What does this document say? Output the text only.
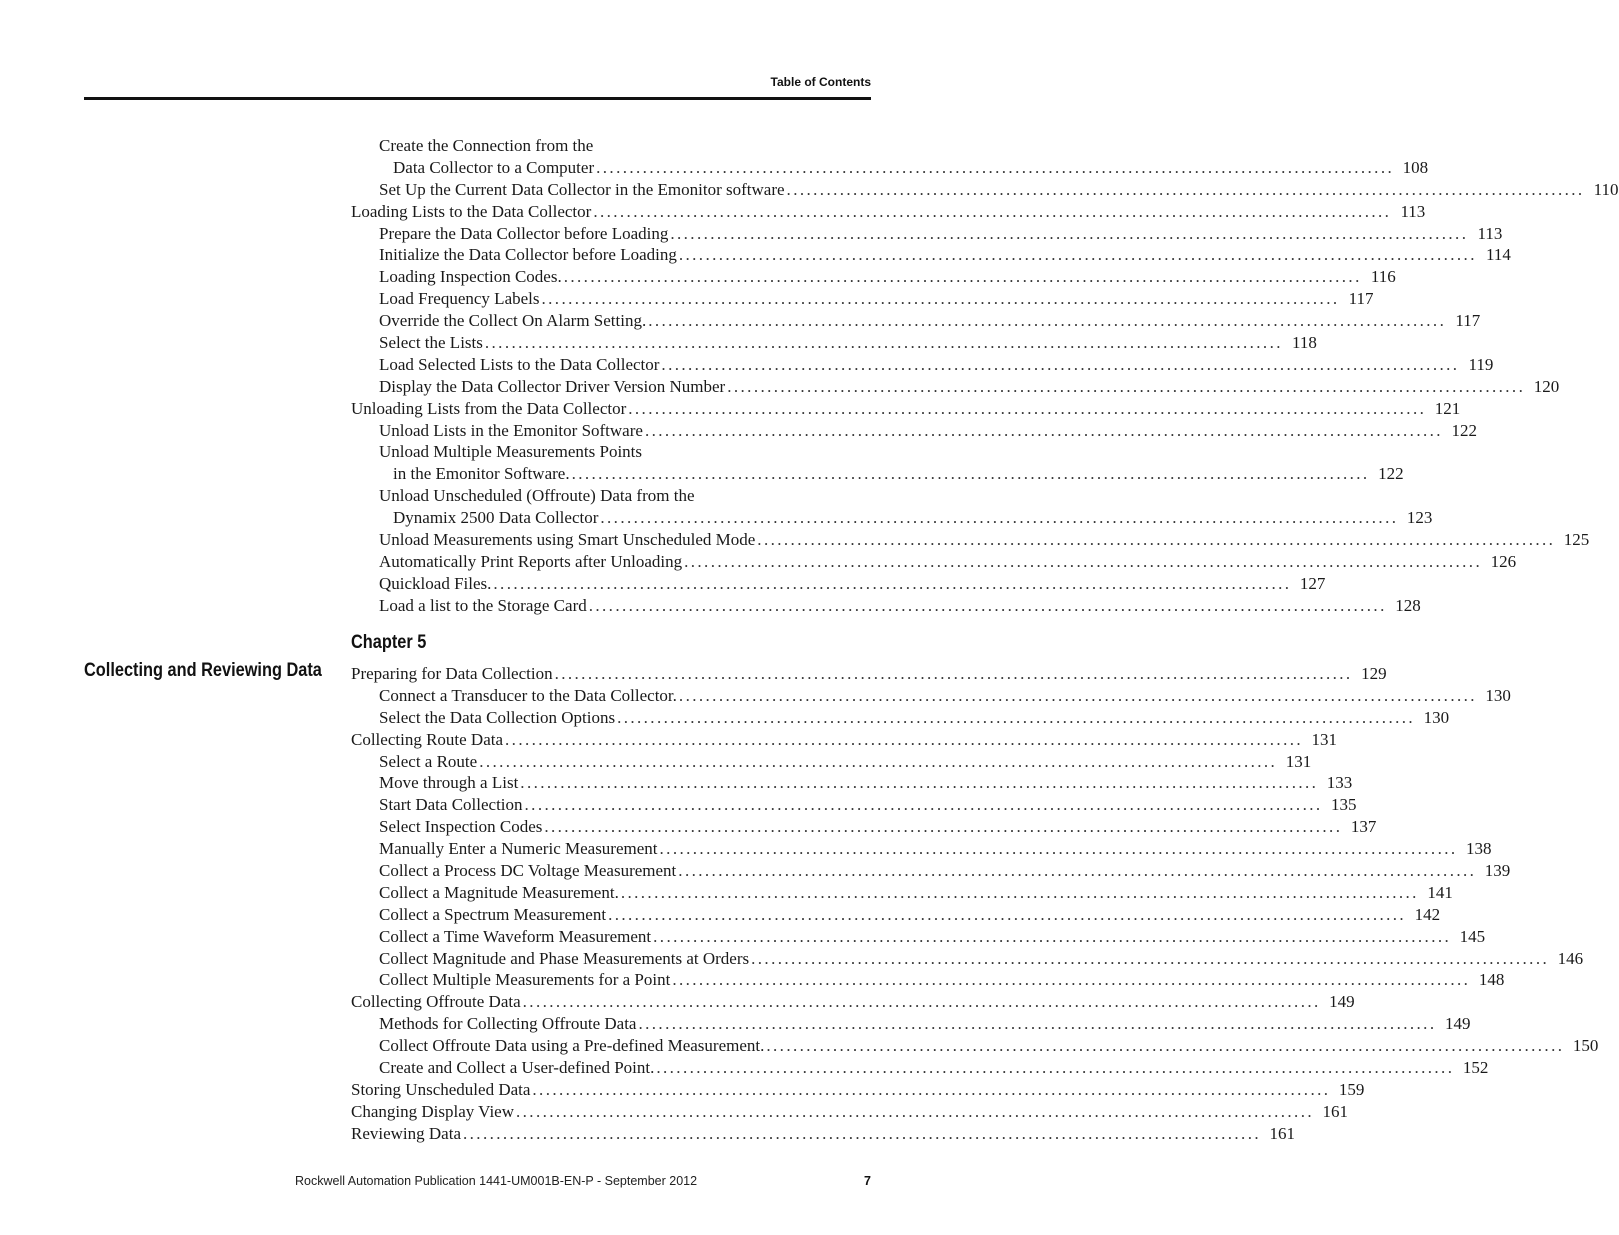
Table of Contents
Create the Connection from the
Data Collector to a Computer ........................................................................................................................ 108
Set Up the Current Data Collector in the Emonitor software ........................................................................................................................ 110
Loading Lists to the Data Collector ........................................................................................................................ 113
Prepare the Data Collector before Loading ........................................................................................................................ 113
Initialize the Data Collector before Loading ........................................................................................................................ 114
Loading Inspection Codes. ........................................................................................................................ 116
Load Frequency Labels ........................................................................................................................ 117
Override the Collect On Alarm Setting. ........................................................................................................................ 117
Select the Lists ........................................................................................................................ 118
Load Selected Lists to the Data Collector ........................................................................................................................ 119
Display the Data Collector Driver Version Number ........................................................................................................................ 120
Unloading Lists from the Data Collector ........................................................................................................................ 121
Unload Lists in the Emonitor Software ........................................................................................................................ 122
Unload Multiple Measurements Points
in the Emonitor Software. ........................................................................................................................ 122
Unload Unscheduled (Offroute) Data from the
Dynamix 2500 Data Collector ........................................................................................................................ 123
Unload Measurements using Smart Unscheduled Mode ........................................................................................................................ 125
Automatically Print Reports after Unloading ........................................................................................................................ 126
Quickload Files. ........................................................................................................................ 127
Load a list to the Storage Card ........................................................................................................................ 128
Chapter 5
Collecting and Reviewing Data Preparing for Data Collection ........................................................................................................................ 129
Connect a Transducer to the Data Collector. ........................................................................................................................ 130
Select the Data Collection Options ........................................................................................................................ 130
Collecting Route Data ........................................................................................................................ 131
Select a Route ........................................................................................................................ 131
Move through a List ........................................................................................................................ 133
Start Data Collection ........................................................................................................................ 135
Select Inspection Codes ........................................................................................................................ 137
Manually Enter a Numeric Measurement ........................................................................................................................ 138
Collect a Process DC Voltage Measurement ........................................................................................................................ 139
Collect a Magnitude Measurement. ........................................................................................................................ 141
Collect a Spectrum Measurement ........................................................................................................................ 142
Collect a Time Waveform Measurement ........................................................................................................................ 145
Collect Magnitude and Phase Measurements at Orders ........................................................................................................................ 146
Collect Multiple Measurements for a Point ........................................................................................................................ 148
Collecting Offroute Data ........................................................................................................................ 149
Methods for Collecting Offroute Data ........................................................................................................................ 149
Collect Offroute Data using a Pre-defined Measurement. ........................................................................................................................ 150
Create and Collect a User-defined Point. ........................................................................................................................ 152
Storing Unscheduled Data ........................................................................................................................ 159
Changing Display View ........................................................................................................................ 161
Reviewing Data ........................................................................................................................ 161
Rockwell Automation Publication 1441-UM001B-EN-P - September 2012	7
